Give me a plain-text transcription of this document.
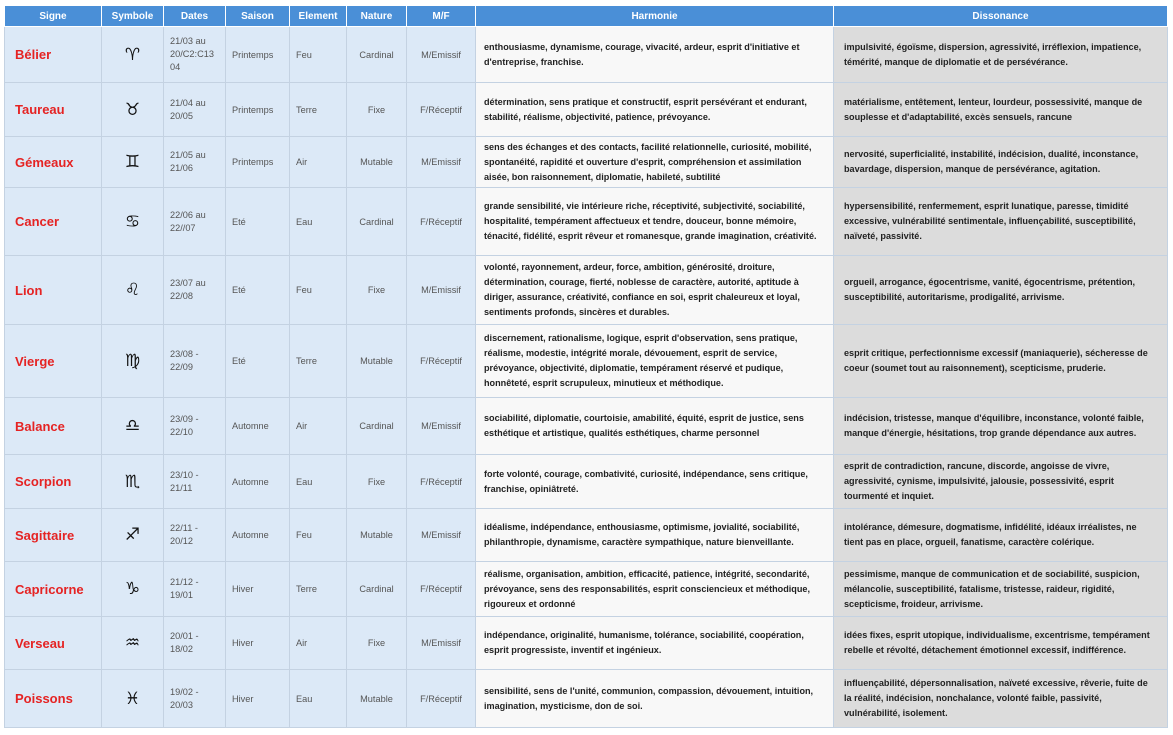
Signe	Symbole	Dates	Saison	Element	Nature	M/F	Harmonie	Dissonance
Bélier	♈︎	21/03 au 20/C2:C13 04	Printemps	Feu	Cardinal	M/Emissif	enthousiasme, dynamisme, courage, vivacité, ardeur, esprit d'initiative et d'entreprise, franchise.	impulsivité, égoïsme, dispersion, agressivité, irréflexion, impatience, témérité, manque de diplomatie et de persévérance.
Taureau	♉︎	21/04 au 20/05	Printemps	Terre	Fixe	F/Réceptif	détermination, sens pratique et constructif, esprit persévérant et endurant, stabilité, réalisme, objectivité, patience, prévoyance.	matérialisme, entêtement, lenteur, lourdeur, possessivité, manque de souplesse et d'adaptabilité, excès sensuels, rancune
Gémeaux	♊︎	21/05 au 21/06	Printemps	Air	Mutable	M/Emissif	sens des échanges et des contacts, facilité relationnelle, curiosité, mobilité, spontanéité, rapidité et ouverture d'esprit, compréhension et assimilation aisée, bon raisonnement, diplomatie, habileté, subtilité	nervosité, superficialité, instabilité, indécision, dualité, inconstance, bavardage, dispersion, manque de persévérance, agitation.
Cancer	♋︎	22/06 au 22//07	Eté	Eau	Cardinal	F/Réceptif	grande sensibilité, vie intérieure riche, réceptivité, subjectivité, sociabilité, hospitalité, tempérament affectueux et tendre, douceur, bonne mémoire, ténacité, fidélité, esprit rêveur et romanesque, grande imagination, créativité.	hypersensibilité, renfermement, esprit lunatique, paresse, timidité excessive, vulnérabilité sentimentale, influençabilité, susceptibilité, naïveté, passivité.
Lion	♌︎	23/07 au 22/08	Eté	Feu	Fixe	M/Emissif	volonté, rayonnement, ardeur, force, ambition, générosité, droiture, détermination, courage, fierté, noblesse de caractère, autorité, aptitude à diriger, assurance, créativité, confiance en soi, esprit chaleureux et loyal, sentiments profonds, sincères et durables.	orgueil, arrogance, égocentrisme, vanité, égocentrisme, prétention, susceptibilité, autoritarisme, prodigalité, arrivisme.
Vierge	♍︎	23/08 - 22/09	Eté	Terre	Mutable	F/Réceptif	discernement, rationalisme, logique, esprit d'observation, sens pratique, réalisme, modestie, intégrité morale, dévouement, esprit de service, prévoyance, objectivité, diplomatie, tempérament réservé et pudique, honnêteté, esprit scrupuleux, minutieux et méthodique.	esprit critique, perfectionnisme excessif (maniaquerie), sécheresse de coeur (soumet tout au raisonnement), scepticisme, pruderie.
Balance	♎︎	23/09 - 22/10	Automne	Air	Cardinal	M/Emissif	sociabilité, diplomatie, courtoisie, amabilité, équité, esprit de justice, sens esthétique et artistique, qualités esthétiques, charme personnel	indécision, tristesse, manque d'équilibre, inconstance, volonté faible, manque d'énergie, hésitations, trop grande dépendance aux autres.
Scorpion	♏︎	23/10 - 21/11	Automne	Eau	Fixe	F/Réceptif	forte volonté, courage, combativité, curiosité, indépendance, sens critique, franchise, opiniâtreté.	esprit de contradiction, rancune, discorde, angoisse de vivre, agressivité, cynisme, impulsivité, jalousie, possessivité, esprit tourmenté et inquiet.
Sagittaire	♐︎	22/11 - 20/12	Automne	Feu	Mutable	M/Emissif	idéalisme, indépendance, enthousiasme, optimisme, jovialité, sociabilité, philanthropie, dynamisme, caractère sympathique, nature bienveillante.	intolérance, démesure, dogmatisme, infidélité, idéaux irréalistes, ne tient pas en place, orgueil, fanatisme, caractère colérique.
Capricorne	♑︎	21/12 - 19/01	Hiver	Terre	Cardinal	F/Réceptif	réalisme, organisation, ambition, efficacité, patience, intégrité, secondarité, prévoyance, sens des responsabilités, esprit consciencieux et méthodique, rigoureux et ordonné	pessimisme, manque de communication et de sociabilité, suspicion, mélancolie, susceptibilité, fatalisme, tristesse, raideur, rigidité, scepticisme, froideur, arrivisme.
Verseau	♒︎	20/01 - 18/02	Hiver	Air	Fixe	M/Emissif	indépendance, originalité, humanisme, tolérance, sociabilité, coopération, esprit progressiste, inventif et ingénieux.	idées fixes, esprit utopique, individualisme, excentrisme, tempérament rebelle et révolté, détachement émotionnel excessif, indifférence.
Poissons	♓︎	19/02 - 20/03	Hiver	Eau	Mutable	F/Réceptif	sensibilité, sens de l'unité, communion, compassion, dévouement, intuition, imagination, mysticisme, don de soi.	influençabilité, dépersonnalisation, naïveté excessive, rêverie, fuite de la réalité, indécision, nonchalance, volonté faible, passivité, vulnérabilité, isolement.
